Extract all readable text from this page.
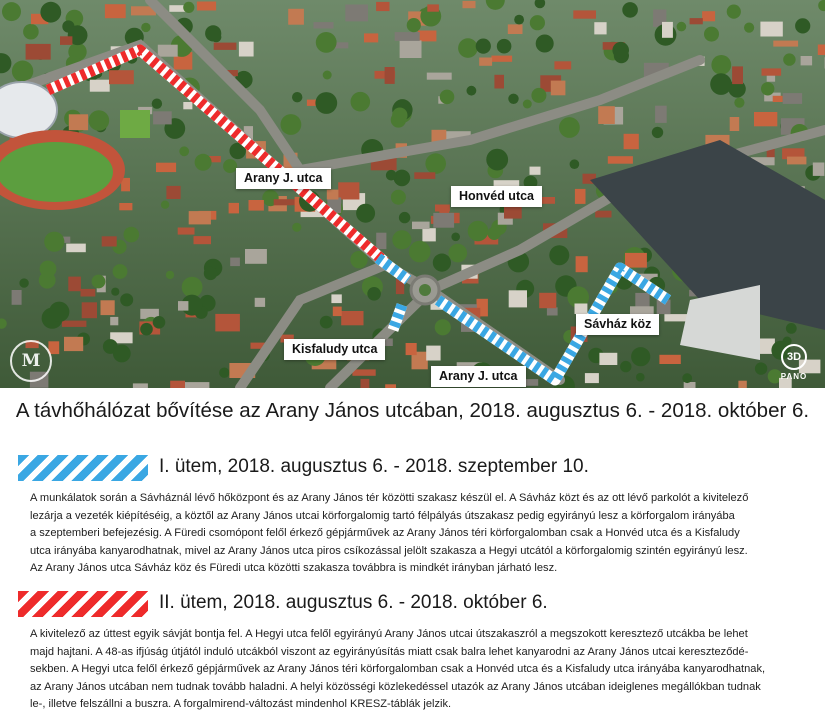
Arany J. utca
Honvéd utca
Sávház köz
Kisfaludy utca
Arany J. utca
M	3D
PANO
A távhőhálózat bővítése az Arany János utcában, 2018. augusztus 6. - 2018. október 6.
I. ütem, 2018. augusztus 6. - 2018. szeptember 10.

A munkálatok során a Sávháznál lévő hőközpont és az Arany János tér közötti szakasz készül el. A Sávház közt és az ott lévő parkolót a kivitelező

lezárja a vezeték kiépítéséig, a köztől az Arany János utcai körforgalomig tartó félpályás útszakasz pedig egyirányú lesz a körforgalom irányába

a szeptemberi befejezésig. A Füredi csomópont felől érkező gépjárművek az Arany János téri körforgalomban csak a Honvéd utca és a Kisfaludy

utca irányába kanyarodhatnak, mivel az Arany János utca piros csíkozással jelölt szakasza a Hegyi utcától a körforgalomig szintén egyirányú lesz.

Az Arany János utca Sávház köz és Füredi utca közötti szakasza továbbra is mindkét irányban járható lesz.

II. ütem, 2018. augusztus 6. - 2018. október 6.

A kivitelező az úttest egyik sávját bontja fel. A Hegyi utca felől egyirányú Arany János utcai útszakaszról a megszokott keresztező utcákba be lehet

majd hajtani. A 48-as ifjúság útjától induló utcákból viszont az egyirányúsítás miatt csak balra lehet kanyarodni az Arany János utcai kereszteződé-

sekben. A Hegyi utca felől érkező gépjárművek az Arany János téri körforgalomban csak a Honvéd utca és a Kisfaludy utca irányába kanyarodhatnak,

az Arany János utcában nem tudnak tovább haladni. A helyi közösségi közlekedéssel utazók az Arany János utcában ideiglenes megállókban tudnak

le-, illetve felszállni a buszra. A forgalmirend-változást mindenhol KRESZ-táblák jelzik.
